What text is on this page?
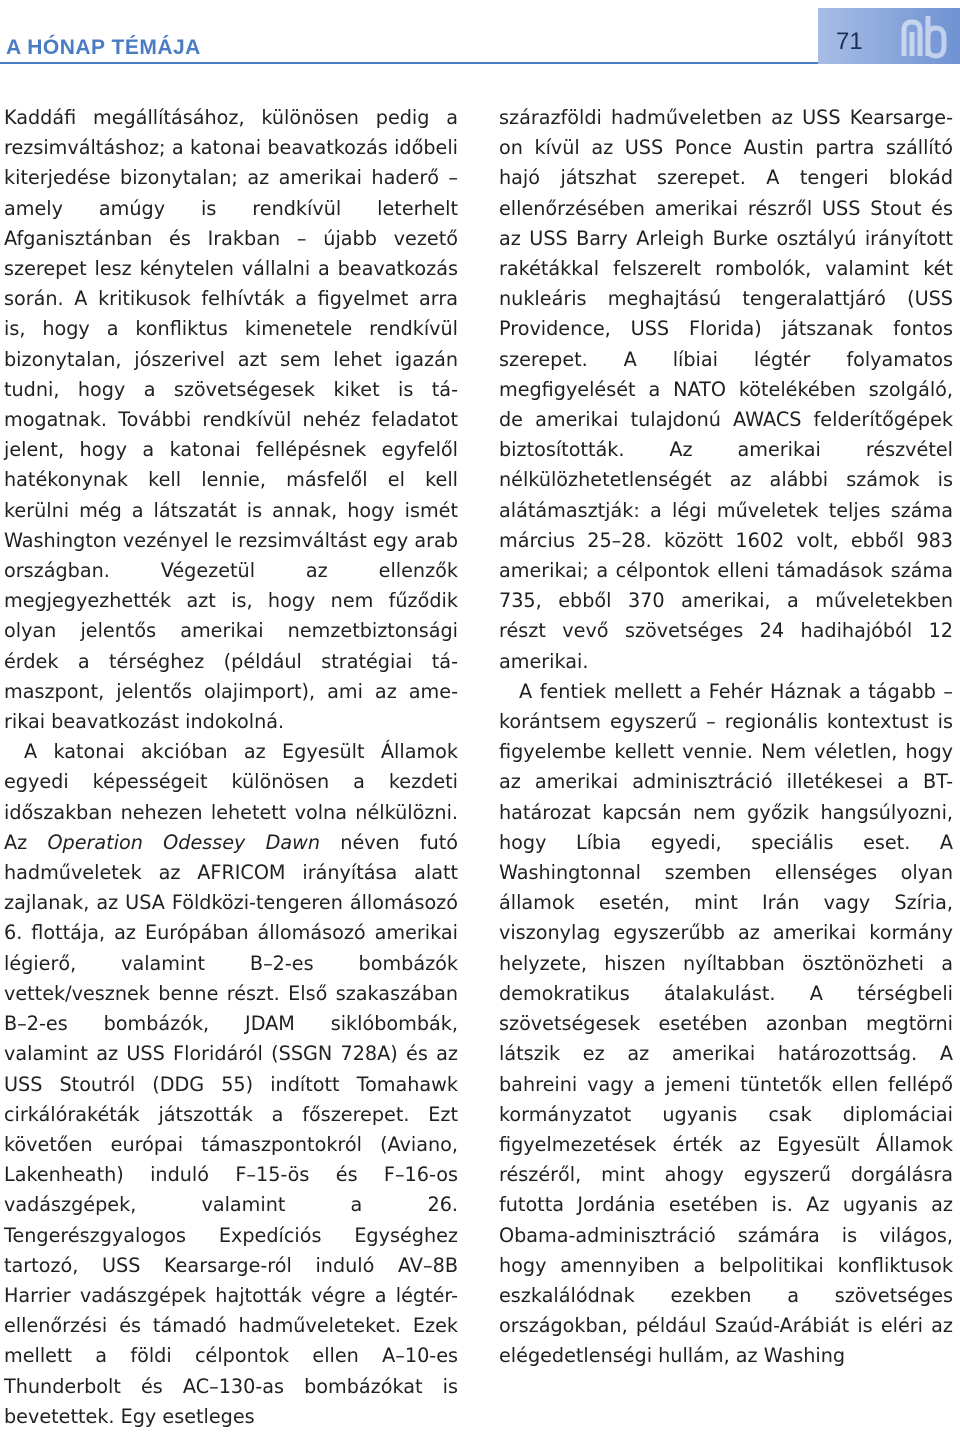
A HÓNAP TÉMÁJA	71

Kaddáfi megállításához, különösen pedig a rezsimváltáshoz; a katonai beavatkozás időbeli kiterjedése bizonytalan; az amerikai haderő – amely amúgy is rendkívül leterhelt Afganisztánban és Irakban – újabb vezető szerepet lesz kénytelen vállalni a beavatkozás során. A kritikusok felhívták a figyelmet arra is, hogy a konfliktus kimenetele rendkívül bizonytalan, jószerivel azt sem lehet igazán tudni, hogy a szövetségesek kiket is támogatnak. További rendkívül nehéz feladatot jelent, hogy a katonai fellépésnek egyfelől hatékonynak kell lennie, másfelől el kell kerülni még a látszatát is annak, hogy ismét Washington vezényel le rezsimváltást egy arab országban. Végezetül az ellenzők megjegyezhették azt is, hogy nem fűződik olyan jelentős amerikai nemzetbiztonsági érdek a térséghez (például stratégiai támaszpont, jelentős olajimport), ami az amerikai beavatkozást indokolná.

A katonai akcióban az Egyesült Államok egyedi képességeit különösen a kezdeti időszakban nehezen lehetett volna nélkülözni. Az Operation Odessey Dawn néven futó hadműveletek az AFRICOM irányítása alatt zajlanak, az USA Földközi-tengeren állomásozó 6. flottája, az Európában állomásozó amerikai légierő, valamint B–2-es bombázók vettek/vesznek benne részt. Első szakaszában B–2-es bombázók, JDAM siklóbombák, valamint az USS Floridáról (SSGN 728A) és az USS Stoutról (DDG 55) indított Tomahawk cirkálórakéták játszották a főszerepet. Ezt követően európai támaszpontokról (Aviano, Lakenheath) induló F–15-ös és F–16-os vadászgépek, valamint a 26. Tengerészgyalogos Expedíciós Egységhez tartozó, USS Kearsarge-ról induló AV–8B Harrier vadászgépek hajtották végre a légtér-ellenőrzési és támadó hadműveleteket. Ezek mellett a földi célpontok ellen A–10-es Thunderbolt és AC–130-as bombázókat is bevetettek. Egy esetleges

szárazföldi hadműveletben az USS Kearsarge-on kívül az USS Ponce Austin partra szállító hajó játszhat szerepet. A tengeri blokád ellenőrzésében amerikai részről USS Stout és az USS Barry Arleigh Burke osztályú irányított rakétákkal felszerelt rombolók, valamint két nukleáris meghajtású tengeralattjáró (USS Providence, USS Florida) játszanak fontos szerepet. A líbiai légtér folyamatos megfigyelését a NATO kötelékében szolgáló, de amerikai tulajdonú AWACS felderítőgépek biztosították. Az amerikai részvétel nélkülözhetetlenségét az alábbi számok is alátámasztják: a légi műveletek teljes száma március 25–28. között 1602 volt, ebből 983 amerikai; a célpontok elleni támadások száma 735, ebből 370 amerikai, a műveletekben részt vevő szövetséges 24 hadihajóból 12 amerikai.

A fentiek mellett a Fehér Háznak a tágabb – korántsem egyszerű – regionális kontextust is figyelembe kellett vennie. Nem véletlen, hogy az amerikai adminisztráció illetékesei a BT-határozat kapcsán nem győzik hangsúlyozni, hogy Líbia egyedi, speciális eset. A Washingtonnal szemben ellenséges olyan államok esetén, mint Irán vagy Szíria, viszonylag egyszerűbb az amerikai kormány helyzete, hiszen nyíltabban ösztönözheti a demokratikus átalakulást. A térségbeli szövetségesek esetében azonban megtörni látszik ez az amerikai határozottság. A bahreini vagy a jemeni tüntetők ellen fellépő kormányzatot ugyanis csak diplomáciai figyelmezetések érték az Egyesült Államok részéről, mint ahogy egyszerű dorgálásra futotta Jordánia esetében is. Az ugyanis az Obama-adminisztráció számára is világos, hogy amennyiben a belpolitikai konfliktusok eszkalálódnak ezekben a szövetséges országokban, például Szaúd-Arábiát is eléri az elégedetlenségi hullám, az Washing
